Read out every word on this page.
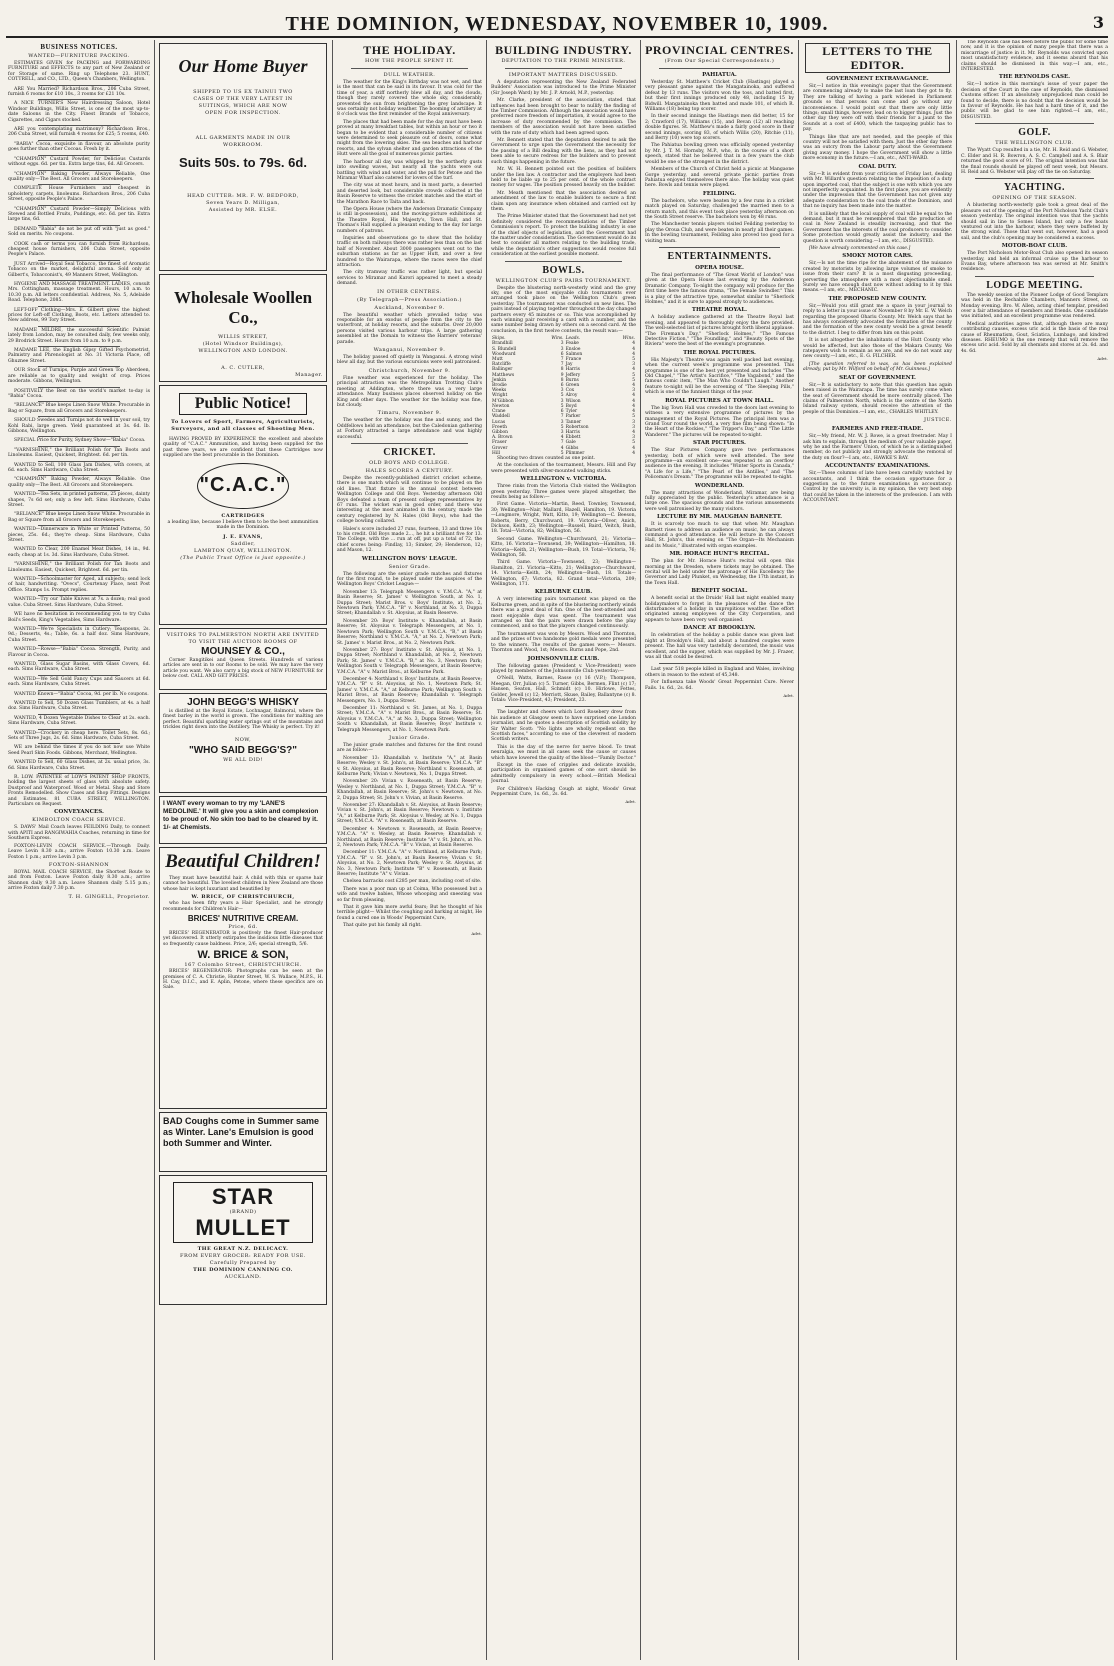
THE DOMINION, WEDNESDAY, NOVEMBER 10, 1909.	3
BUSINESS NOTICES.
WANTED—FURNITURE PACKING.

ESTIMATES GIVEN for PACKING and FORWARDING FURNITURE and EFFECTS to any part of New Zealand or for Storage of same. Ring up Telephone 23. HUNT, COTTRELL, and CO., LTD., Queen's Chambers, Wellington.

ARE You Married? Richardson Bros., 206 Cuba Street, furnish 6 rooms for £10 10s., 3 rooms for £21 10s.

A NICE TURNER'S New Hairdressing Saloon, Hotel Windsor Buildings, Willis Street, is one of the most up-to-date Saloons in the City. Finest Brands of Tobacco, Cigarettes, and Cigars stocked.

ARE you contemplating matrimony? Richardson Bros., 206 Cuba Street, will furnish 4 rooms for £25; 5 rooms, £40.

"BABIA" Cocoa, exquisite in flavour, an absolute purity goes further than other Cocoas. Fresh by it.

"CHAMPION" Custard Powder, for Delicious Custards without eggs. 6d. per tin. Extra large tins, 6d. All Grocers.

"CHAMPION" Baking Powder, Always Reliable, One quality only—The Best. All Grocers and Storekeepers.

COMPLETE House Furnishers and cheapest in upholstery, carpets, linoleums. Richardson Bros., 206 Cuba Street, opposite People's Palace.

"CHAMPION" Custard Powder—Simply Delicious with Stewed and Bottled Fruits, Puddings, etc. 6d. per tin. Extra large tins, 6d.

DEMAND "Babia" do not be put off with "just as good." Sold on merits. No coupons.

COOK cash or terms you can furnish from Richardson, cheapest house furnishers, 206 Cuba Street, opposite People's Palace.

JUST Arrived—Royal Seal Tobacco, the finest of Aromatic Tobacco on the market, delightful aroma. Sold only at Gilbert's, Tobacconist's, 49 Manners Street, Wellington.

HYGIENE AND MASSAGE TREATMENT. LADIES, consult Mrs. Cottingham, massage treatment. Hours, 10 a.m. to 10.30 p.m. All letters confidential. Address, No. 5, Adelaide Road. Telephone, 2085.

LEFT-OFF Clothing—Mrs. E. Gilbert gives the highest prices for Left-off Clothing, Boots, etc. Letters attended to. New address, 99 Tory Street.

MADAME MILDRE, the successful Scientific Palmist lately from London, may be consulted daily, few weeks only, 29 Brodrick Street. Hours from 10 a.m. to 9 p.m.

MADAME LEE, the English Gipsy Gifted Psychometrist, Palmistry and Phrenologist at No. 31 Victoria Place, off Ghuznee Street.

OUR Stock of Turnips, Purple and Green Top Aberdeen, are reliable as to quality and weight of crop. Prices moderate. Gibbons, Wellington.

POSITIVELY the Best on the world's market to-day is "Babia" Cocoa.

"RELIANCE" Blue keeps Linen Snow White. Procurable in Bag or Square, from all Grocers and Storekeepers.

SHOULD Swedes and Turnips not do well in your soil, try Kohl Rabi, large green. Yield guaranteed at 3s. 6d. lb. Gibbons, Wellington.

SPECIAL Price for Purity, Sydney Show—"Babia" Cocoa.

"VARNISHINE," the Brilliant Polish for Tan Boots and Linoleums. Easiest, Quickest, Brightest. 6d. per tin.

WANTED to Sell, 100 Glass Jam Dishes, with covers, at 6d. each. Sims Hardware, Cuba Street.

"CHAMPION" Baking Powder, Always Reliable. One quality only—The Best. All Grocers and Storekeepers.

WANTED—Tea Sets, in printed patterns, 25 pieces, dainty shapes, 7s 6d set; only a few left. Sims Hardware, Cuba Street.

"RELIANCE" Blue keeps Linen Snow White. Procurable in Bag or Square from all Grocers and Storekeepers.

WANTED—Dinnerware in White or Printed Patterns, 50 pieces, 25s. 6d.; they're cheap. Sims Hardware, Cuba Street.

WANTED to Clear, 200 Enamel Meat Dishes, 14 in., 9d. each; cheap at 1s. 3d. Sims Hardware, Cuba Street.

"VARNISHINE," the Brilliant Polish for Tan Boots and Linoleums. Easiest, Quickest, Brightest. 6d. per tin.

WANTED—Schoolmaster for Aged, all subjects; send lock of hair, handwriting. "Ovecs", Courtenay Place, next Post Office. Stamps 1s. Prompt replies.

WANTED—Try our Table Knives at 7s. a dozen; real good value. Cuba Street. Sims Hardware, Cuba Street.

WE have no hesitation in recommending you to try Cuba Boil's Seeds, King's Vegetables, Sims Hardware.

WANTED—We're Specialists in Cutlery; Teaspoons, 2s. 9d.; Desserts, 4s.; Table, 6s. a half doz. Sims Hardware, Cuba Street.

WANTED—Rowse—"Babia" Cocoa. Strength, Purity, and Flavour in Cocoa.

WANTED, Glass Sugar Basins, with Glass Covers, 6d. each. Sims Hardware, Cuba Street.

WANTED—We Sell Gold Fancy Cups and Saucers at 6d. each. Sims Hardware, Cuba Street.

WANTED Known—"Babia" Cocoa, 9d. per lb. No coupons.

WANTED to Sell, 50 Dozen Glass Tumblers, at 4s. a half doz. Sims Hardware, Cuba Street.

WANTED, 4 Dozen Vegetable Dishes to Clear at 2s. each. Sims Hardware, Cuba Street.

WANTED—Crockery in cheap here. Toilet Sets, 8s. 6d.; Sets of Three Jugs, 2s. 6d. Sims Hardware, Cuba Street.

WE are behind the times if you do not now use White Seed Pearl Skin Foods. Gibbons, Merchant, Wellington.

WANTED to Sell, 60 Glass Dishes, at 2s. usual price, 3s. 6d. Sims Hardware, Cuba Street.

R. LOW. PATENTEE of LOW'S PATENT SHOP FRONTS, holding the largest sheets of glass with absolute safety. Dustproof and Waterproof. Wood or Metal. Shop and Store Fronts Remodelled. Show Cases and Shop Fittings. Designs and Estimates. 81 CUBA STREET, WELLINGTON. Particulars on Request.

CONVEYANCES.
KIMBOLTON COACH SERVICE.

S. DAWS' Mail Coach leaves FEILDING Daily, to connect with APITI and RANGIWAHIA Coaches, returning in time for Southern Express.

FOXTON-LEVIN COACH SERVICE.—Through Daily. Leave Levin 8.30 a.m.; arrive Foxton 10.30 a.m. Leave Foxton 1 p.m.; arrive Levin 3 p.m.

FOXTON-SHANNON

ROYAL MAIL COACH SERVICE, the Shortest Route to and from Foxton. Leave Foxton daily 8.30 a.m.; arrive Shannon daily 9.30 a.m. Leave Shannon daily 5.15 p.m.; arrive Foxton daily 7.30 p.m.

T. H. GINGELL, Proprietor.
Our Home Buyer
SHIPPED TO US EX TAINUI TWO
CASES OF THE VERY LATEST IN
SUITINGS, WHICH ARE NOW
OPEN FOR INSPECTION.
ALL GARMENTS MADE IN OUR
WORKROOM.
Suits 50s. to 79s. 6d.
HEAD CUTTER: MR. F. W. BEDFORD,
Seven Years D. Milligan,
Assisted by MR. ELSE.
Wholesale Woollen Co.,
WILLIS STREET,
(Hotel Windsor Buildings),
WELLINGTON AND LONDON.
A. C. CUTLER,
Manager.
Public Notice!
To Lovers of Sport, Farmers, Agriculturists, Surveyors, and all classes of Shooting Men.

HAVING PROVED BY EXPERIENCE the excellent and absolute quality of "C.A.C." Ammunition, and having been supplied for the past three years, we are confident that these Cartridges now supplied are the best procurable in the Dominion.

"C.A.C."
CARTRIDGES

a leading line, because I believe them to be the best ammunition made in the Dominion.

J. E. EVANS,
Saddler,
LAMBTON QUAY, WELLINGTON.
(The Public Trust Office is just opposite.)
VISITORS TO PALMERSTON NORTH ARE INVITED TO VISIT THE AUCTION ROOMS OF
MOUNSEY & CO.,

Corner Rangitikei and Queen Streets. Hundreds of various articles are sent in to our Rooms to be sold. We may have the very article you want. We also carry a big stock of NEW FURNITURE for below cost. CALL AND GET PRICES.

JOHN BEGG'S WHISKY

is distilled at the Royal Estate, Lochnagar, Balmoral, where the finest barley in the world is grown. The conditions for malting are perfect. Beautiful sparkling water springs out of the mountains and trickles right down into the Distillery. The Whisky is perfect. Try it!

NOW,
"WHO SAID BEGG'S?"
WE ALL DID!
I WANT every woman to try my 'LANE'S MEDOLINE.' It will give you a skin and complexion to be proud of. No skin too bad to be cleared by it. 1/- at Chemists.
Beautiful Children!

They must have beautiful hair. A child with thin or sparse hair cannot be beautiful. The loveliest children in New Zealand are those whose hair is kept luxuriant and beautified by

W. BRICE, OF CHRISTCHURCH,

who has been fifty years a Hair Specialist, and he strongly recommends for Children's Hair—

BRICES' NUTRITIVE CREAM.
Price, 6d.

BRICES' REGENERATOR is positively the finest Hair-producer yet discovered. It utterly extirpates the insidious little diseases that so frequently cause baldness. Price, 2/6; special strength, 5/6.

W. BRICE & SON,
167 Colombo Street, CHRISTCHURCH.

BRICES' REGENERATOR: Photographs can be seen at the premises of C. A. Christie, Hunter Street, W. S. Wallace, M.P.S., H. H. Cay, D.I.C., and E. Aplin, Petone, where these specifics are on Sale.

BAD Coughs come in Summer same as Winter. Lane's Emulsion is good both Summer and Winter.
STAR
(BRAND)
MULLET
THE GREAT N.Z. DELICACY.
FROM EVERY GROCER: READY FOR USE.
Carefully Prepared by
THE DOMINION CANNING CO.
AUCKLAND.
THE HOLIDAY.
HOW THE PEOPLE SPENT IT.
DULL WEATHER.

The weather for the King's Birthday was not wet, and that is the most that can be said in its favour. It was cold for the time of year, a stiff northerly blew all day, and the clouds, though they rarely covered the whole sky, considerably prevented the sun from brightening the grey landscape. It was certainly not holiday weather. The booming of artillery at 8 o'clock was the first reminder of the Royal anniversary.

The places that had been made for the day must have been proved at many breakfast tables, but within an hour or two it began to be evident that a considerable number of citizens were determined to seek pleasure out of doors, come what might from the lowering skies. The sea beaches and harbour resorts, and the sylvan shelter and garden attractions of the Hutt were all the goal of numerous picnic parties.

The harbour all day was whipped by the northerly gusts into swelling waves, but nearly all the yachts were out battling with wind and water, and the pull for Petone and the Miramar Wharf also catered for lovers of the turf.

The city was at most hours, and in most parts, a deserted and deserted look, but considerable crowds collected at the Basin Reserve to witness the cricket matches and the start of the Marathon Race to Taita and back.

The Opera House (where the Anderson Dramatic Company is still in-possession), and the moving-picture exhibitions at the Theatre Royal, His Majesty's, Town Hall, and St. Thomas's Hall supplied a pleasant ending to the day for large numbers of patrons.

Inquiries and observations go to show that the holiday traffic on both railways there was rather less than on the last half of November. About 3000 passengers went out to the suburban stations as far as Upper Hutt, and over a few hundred to the Wairarapa, where the races were the chief attraction.

The city tramway traffic was rather light, but special services to Miramar and Karori appeared to meet a steady demand.

IN OTHER CENTRES.
(By Telegraph—Press Association.)
Auckland, November 9.

The beautiful weather which prevailed today was responsible for an exodus of people from the city to the waterfront, at holiday resorts, and the suburbs. Over 20,000 persons visited various harbour trips. A large gathering assembled at the Domain to witness the Harriers' veterans' parade.

Wanganui, November 9.

The holiday passed off quietly in Wanganui. A strong wind blew all day, but the various excursions were well patronised.

Christchurch, November 9.

Fine weather was experienced for the holiday. The principal attraction was the Metropolitan Trotting Club's meeting at Addington, where there was a very large attendance. Many business places observed holiday on the King and other days. The weather for the holiday was fine, but cloudy.

Timaru, November 9.

The weather for the holiday was fine and sunny, and the Oddfellows held an attendance, but the Caledonian gathering at Forbury attracted a large attendance and was highly successful.

CRICKET.
OLD BOYS AND COLLEGE.
HALES SCORES A CENTURY.

Despite the recently-published district cricket scheme, there is one match which will continue to be played on the old lines. That fixture is the annual contest between Wellington College and Old Boys. Yesterday afternoon Old Boys defeated a team of present college representatives by 67 runs. The wicket was in good order, and there was interesting at the most animated in the century, made the century registered by N. Hales (Old Boys), who had the college bowling collared.

Hales's score included 27 runs, fourteen, 13 and three 10s to his credit. Old Boys made 2..., he hit a brilliant five for 13. The College, with the ... run at off, put up a total of 72, the chief scores being: Findlay, 13; Simker, 29; Henderson, 12; and Mason, 12.

WELLINGTON BOYS' LEAGUE.
Senior Grade.

The following are the senior grade matches and fixtures for the first round, to be played under the auspices of the Wellington Boys' Cricket League:—

November 13: Telegraph Messengers v. Y.M.C.A. "A," at Basin Reserve; St. James' v. Wellington South, at No. 1, Duppa Street; Marist Bros. v. Boys' Institute, at No. 2, Newtown Park; Y.M.C.A. "B" v. Northland, at No. 3, Duppa Street; Khandallah v. St. Aloysius, at Basin Reserve.

November 20: Boys' Institute v. Khandallah, at Basin Reserve; St. Aloysius v. Telegraph Messengers, at No. 1, Newtown Park; Wellington South v. Y.M.C.A. "B," at Basin Reserve; Northland v. Y.M.C.A. "A," at No. 2, Newtown Park; St. James' v. Marist Bros., at No. 2, Newtown Park.

November 27: Boys' Institute v. St. Aloysius, at No. 1, Duppa Street; Northland v. Khandallah, at No. 2, Newtown Park; St. James' v. Y.M.C.A. "B," at No. 3, Newtown Park; Wellington South v. Telegraph Messengers, at Basin Reserve; Y.M.C.A. "A" v. Marist Bros., at Kelburne Park.

December 4: Northland v. Boys' Institute, at Basin Reserve; Y.M.C.A. "B" v. St. Aloysius, at No. 1, Newtown Park; St. James' v. Y.M.C.A. "A," at Kelburne Park; Wellington South v. Marist Bros., at Basin Reserve; Khandallah v. Telegraph Messengers, No. 1, Duppa Street.

December 11: Northland v. St. James, at No. 1, Duppa Street; Y.M.C.A. "A" v. Marist Bros., at Basin Reserve; St. Aloysius v. Y.M.C.A. "A," at No. 3, Duppa Street; Wellington South v. Khandallah, at Basin Reserve; Boys' Institute v. Telegraph Messengers, at No. 1, Newtown Park.

Junior Grade.

The junior grade matches and fixtures for the first round are as follow:—

November 13: Khandallah v. Institute "A," at Basin Reserve; Wesley v. St. John's, at Basin Reserve; Y.M.C.A. "B" v. St. Aloysius, at Basin Reserve; Northland v. Roseneath, at Kelburne Park; Vivian v. Newtown, No. 1, Duppa Street.

November 20: Vivian v. Roseneath, at Basin Reserve; Wesley v. Northland, at No. 1, Duppa Street; Y.M.C.A. "B" v. Khandallah, at Basin Reserve; St. John's v. Newtown, at No. 2, Duppa Street; St. John's v. Vivian, at Basin Reserve.

November 27: Khandallah v. St. Aloysius, at Basin Reserve; Vivian v. St. John's, at Basin Reserve; Newtown v. Institute "A," at Kelburne Park; St. Aloysius v. Wesley, at No. 1, Duppa Street; Y.M.C.A. "A" v. Roseneath, at Basin Reserve.

December 4: Newtown v. Roseneath, at Basin Reserve; Y.M.C.A. "A" v. Wesley, at Basin Reserve; Khandallah v. Northland, at Basin Reserve; Institute "A" v. St. John's, at No. 2, Newtown Park; Y.M.C.A. "B" v. Vivian, at Basin Reserve.

December 11: Y.M.C.A. "A" v. Northland, at Kelburne Park; Y.M.C.A. "B" v. St. John's, at Basin Reserve; Vivian v. St. Aloysius, at No. 2, Newtown Park; Wesley v. St. Aloysius, at No. 3, Newtown Park; Institute "B" v. Roseneath, at Basin Reserve; Institute "A" v. Vivian.

Chelsea barracks cost £285 per man, including cost of site.

There was a poor man up at Coima, Who possessed but a wife and twelve babies, Whose whooping and sneezing was so far from pleasing,

That it gave him more awful fears; But he thought of his terrible plight— Whilst the coughing and barking at night, He found a cured one in Woods' Peppermint Cure,

That quite put his family all right.

Advt.
BUILDING INDUSTRY.
DEPUTATION TO THE PRIME MINISTER.
IMPORTANT MATTERS DISCUSSED.

A deputation representing the New Zealand Federated Builders' Association was introduced to the Prime Minister (Sir Joseph Ward) by Mr. J. P. Arnold, M.P., yesterday.

Mr. Clarke, president of the association, stated that influences had been brought to bear to nullify the finding of the Timber Commission. Although the association would have preferred more freedom of importation, it would agree to the increase of duty recommended by the commission. The members of the association would not have been satisfied with the rate of duty which had been agreed upon.

Mr. Bennett stated that the deputation desired to ask the Government to urge upon the Government the necessity for the passing of a Bill dealing with the liens, as they had not been able to secure redress for the builders and to prevent such things happening in the future.

Mr. W. H. Bennett pointed out the position of builders under the lien law. A contractor and the employers had been held to be liable up to 25 per cent. of the whole contract money for wages. The position pressed heavily on the builder.

Mr. Meath mentioned that the association desired an amendment of the law to enable builders to secure a first claim upon any insurance when obtained and carried out by them.

The Prime Minister stated that the Government had not yet definitely considered the recommendations of the Timber Commission's report. To protect the building industry is one of the chief objects of legislation, and the Government had the matter under consideration. The Government would do its best to consider all matters relating to the building trade, while the deputation's other suggestions would receive full consideration at the earliest possible moment.

BOWLS.
WELLINGTON CLUB'S PAIRS TOURNAMENT.

Despite the blustering north-westerly wind and the grey sky, one of the most enjoyable club tournaments ever arranged took place on the Wellington Club's green yesterday. The tournament was conducted on new lines. The pairs instead of playing together throughout the day changed partners every 45 minutes or so. This was accomplished by each winning pair receiving a card with a number, and the same number being drawn by others on a second card. At the conclusion, in the first twelve contests, the result was:—

Skips.	Wins.	Leads.	Wins.
Brandhill	3	Feake	4
S. Blundell	3	Ensloe	4
Woodward	6	Salmon	4
Mutt	7	France	5
Ratcliffe	7	Jay	3
Ballinger	8	Harris	4
Matthews	9	Jeffery	5
Jenkin	8	Burns	5
Brodie	6	Green	4
Weeks	3	Cox	3
Wright	5	Alroy	4
M'Gibbon	3	Wilson	4
Newton	5	Boyd	4
Crane	6	Tyler	4
Waddell	7	Parker	5
Lucas	3	Tanner	3
Freeth	5	Robertson	3
Gibbon	3	Harris	4
A. Brown	4	Ebbett	3
Fraser	7	Gale	5
Grover	4	Gibbs	4
Hill	5	Plimmer	4

Shooting two draws counted as one point.

At the conclusion of the tournament, Messrs. Hill and Fay were presented with silver-mounted walking sticks.

WELLINGTON v. VICTORIA.

Three rinks from the Victoria Club visited the Wellington green yesterday. Three games were played altogether, the results being as follow:—

First Game. Victoria—Martin, Reed, Townley, Townsend, 30; Wellington—Nair, Mallard, Hazell, Hamilton, 19. Victoria—Longmore, Wright, Watt, Kitto, 19; Wellington—C. Beeson, Roberts, Berry, Churchward, 19. Victoria—Oliver, Anich, Dickson, Keith, 23; Wellington—Russell, Baird, Veitch, Bush, 18. Total—Victoria, 82; Wellington, 56.

Second Game. Wellington—Churchward, 21; Victoria—Kitto, 16. Victoria—Townsend, 39; Wellington—Hamilton, 18. Victoria—Keith, 21; Wellington—Bush, 19. Total—Victoria, 76; Wellington, 58.

Third Game. Victoria—Townsend, 23; Wellington—Hamilton, 21. Victoria—Kitto, 21; Wellington—Churchward, 14. Victoria—Keith, 24; Wellington—Bush, 18. Totals—Wellington, 67; Victoria, 82. Grand total—Victoria, 209; Wellington, 171.

KELBURNE CLUB.

A very interesting pairs tournament was played on the Kelburne green, and in spite of the blustering northerly winds there was a great deal of fun. One of the best-attended and most enjoyable days was spent. The tournament was arranged so that the pairs were drawn before the play commenced, and so that the players changed continuously.

The tournament was won by Messrs. Wood and Thornton, and the prizes of two handsome gold medals were presented to the winners. The results of the games were:— Messrs. Thornton and Wood, 1st; Messrs. Burns and Pope, 2nd.

JOHNSONVILLE CLUB.

The following games (President v. Vice-President) were played by members of the Johnsonville Club yesterday:—

O'Neill, Watts, Barnes, Rasse (c) 16 (V.P.); Thompson, Meegan, Orr, Julian (c) 5. Turner, Gibbs, Bermen, Flint (c) 17; Hansen, Seaton, Hall, Schmidt (c) 10. Hirlowe, Fettes, Golder, Jewell (c) 12; Merriott, Skuse, Bailey, Ballantyne (c) 8. Totals: Vice-President, 43; President, 23.

The laughter and cheers which Lord Rosebery drew from his audience at Glasgow seem to have surprised one London journalist, and he quotes a description of Scottish solidity by Sir Walter Scott: "No lights are wholly repellent on the Scottish faces," according to one of the cleverest of modern Scottish writers.

This is the day of the nerve for nerve blood. To treat neuralgia, we must in all cases seek the cause or causes which have lowered the quality of the blood—"Family Doctor."

Except in the case of cripples and delicate invalids, participation in organised games of one sort should be admittedly compulsory in every school.—British Medical Journal.

For Children's Hacking Cough at night, Woods' Great Peppermint Cure, 1s. 6d., 2s. 6d.

Advt.
PROVINCIAL CENTRES.
(From Our Special Correspondents.)
PAHIATUA.

Yesterday St. Matthew's Cricket Club (Hastings) played a very pleasant game against the Mangatainoka, and suffered defeat by 13 runs. The visitors won the toss, and batted first, but their first innings produced only 48, including 15 by Bidwill. Mangatainoka then batted and made 101, of which R. Williams (18) being top scorer.

In their second innings the Hastings men did better, 15 for 2; Crawford (17), Williams (15), and Bevan (12) all reaching double figures. St. Matthew's made a fairly good score in their second innings, scoring 83, of which Willis (20), Ritchie (11), and Berry (10) were top scorers.

The Pahiatua bowling green was officially opened yesterday by Mr. J. T. M. Hornsby, M.P., who, in the course of a short speech, stated that he believed that in a few years the club would be one of the strongest in the district.

Members of the Church of Christ held a picnic at Mangaone Gorge yesterday, and several private picnic parties from Pahiatua enjoyed themselves there also. The holiday was quiet here. Bowls and tennis were played.

FEILDING.

The bachelors, who were beaten by a few runs in a cricket match played on Saturday, challenged the married men to a return match, and this event took place yesterday afternoon on the South Street reserve. The bachelors won by 48 runs.

The Manchester tennis players visited Feilding yesterday to play the Oroua Club, and were beaten in nearly all their games. In the bowling tournament, Feilding also proved too good for a visiting team.

ENTERTAINMENTS.
OPERA HOUSE.

The final performance of "The Great World of London" was given at the Opera House last evening by the Anderson Dramatic Company. To-night the company will produce for the first time here the famous drama, "The Female Swindler." This is a play of the attractive type, somewhat similar to "Sherlock Holmes," and it is sure to appeal strongly to audiences.

THEATRE ROYAL.

A holiday audience gathered at the Theatre Royal last evening, and appeared to thoroughly enjoy the fare provided. The well-selected list of pictures brought forth liberal applause. "The Fireman's Day," "Sherlock Holmes," "The Famous Detective Fiction," "The Foundling," and "Beauty Spots of the Riviera" were the best of the evening's programme.

THE ROYAL PICTURES.

His Majesty's Theatre was again well packed last evening, when the current week's programme was presented. This programme is one of the best yet presented and includes "The Old Chapel," "The Artist's Sacrifice," "The Vagabond," and the famous comic item, "The Man Who Couldn't Laugh." Another feature to-night will be the screening of "The Sleeping Pills," which is one of the funniest things of the year.

ROYAL PICTURES AT TOWN HALL.

The big Town Hall was crowded to the doors last evening to witness a very extensive programme of pictures by the management of the Royal Pictures. The principal item was a Grand Tour round the world, a very fine film being shown: "In the Heart of the Rockies," "The Tripper's Day," and "The Little Wanderer." The pictures will be repeated to-night.

STAR PICTURES.

The Star Pictures Company gave two performances yesterday, both of which were well attended. The new programme—an excellent one—was repeated to an overflow audience in the evening. It includes "Winter Sports in Canada," "A Life for a Life," "The Pearl of the Antilles," and "The Policeman's Dream." The programme will be repeated to-night.

WONDERLAND.

The many attractions of Wonderland, Miramar, are being fully appreciated by the public. Yesterday's attendance is a large one. The spacious grounds and the various amusements were well patronised by the many visitors.

LECTURE BY MR. MAUGHAN BARNETT.

It is scarcely too much to say that when Mr. Maughan Barnett rises to address an audience on music, he can always command a good attendance. He will lecture in the Concert Hall, St. John's, this evening on "The Organ—Its Mechanism and its Music," illustrated with organ examples.

MR. HORACE HUNT'S RECITAL.

The plan for Mr. Horace Hunt's recital will open this morning at the Dresden, where tickets may be obtained. The recital will be held under the patronage of His Excellency the Governor and Lady Plunket, on Wednesday, the 17th instant, in the Town Hall.

BENEFIT SOCIAL.

A benefit social at the Druids' Hall last night enabled many holidaymakers to forget in the pleasures of the dance the disturbances of a holiday in unpropitious weather. The effort originated among employees of the City Corporation, and appears to have been very well organised.

DANCE AT BROOKLYN.

In celebration of the holiday a public dance was given last night at Brooklyn's Hall, and about a hundred couples were present. The hall was very tastefully decorated, the music was excellent, and the supper, which was supplied by Mr. J. Frazer, was all that could be desired.

Last year 518 people killed in England and Wales, involving others in reason to the extent of 45,348.

For Influenza take Woods' Great Peppermint Cure. Never Fails. 1s. 6d., 2s. 6d.

Advt.
LETTERS TO THE EDITOR.
GOVERNMENT EXTRAVAGANCE.

Sir,—I notice in this evening's paper that the Government are commencing already to make the last loan they got to fly. They are talking of having a park widened in Parliament grounds so that persons can come and go without any inconvenience. I would point out that there are only little things; small things, however, lead on to bigger things. Just the other day they were off with their friends for a jaunt to the Sounds at a cost of £400, which the taxpaying public has to pay.

Things like that are not needed, and the people of this country will not be satisfied with them. Just the other day there was an outcry from the Labour party about the Government giving away money. I hope the Government will show a little more economy in the future.—I am, etc., ANTI-WARD.

COAL DUTY.

Sir,—It is evident from your criticism of Friday last, dealing with Mr. Willard's question relating to the imposition of a duty upon imported coal, that the subject is one with which you are not imperfectly acquainted. In the first place, you are evidently under the impression that the Government has not given any adequate consideration to the coal trade of the Dominion, and that no inquiry has been made into the matter.

It is unlikely that the local supply of coal will be equal to the demand, but it must be remembered that the production of coal in New Zealand is steadily increasing, and that the Government has the interests of the coal producers to consider. Some protection would greatly assist the industry, and the question is worth considering.—I am, etc., DISGUSTED.

[We have already commented on this case.]

SMOKY MOTOR CARS.

Sir,—Is not the time ripe for the abatement of the nuisance created by motorists by allowing large volumes of smoke to issue from their cars? It is a most disgusting proceeding, perverting the atmosphere with a most objectionable smell. Surely we have enough dust now without adding to it by this means.—I am, etc., MECHANIC.

THE PROPOSED NEW COUNTY.

Sir,—Would you still grant me a space in your journal to reply to a letter in your issue of November 8 by Mr. E. W. Welch regarding the proposed Ohariu County. Mr. Welch says that he has always consistently advocated the formation of the county and the formation of the new county would be a great benefit to the district. I beg to differ from him on this point.

It is not altogether the inhabitants of the Hutt County who would be affected, but also those of the Makara County. We ratepayers wish to remain as we are, and we do not want any new county.—I am, etc., E. G. FILCHER.

[The question referred to was, as has been explained already, put by Mr. Wilford on behalf of Mr. Guinness.]

SEAT OF GOVERNMENT.

Sir,—It is satisfactory to note that this question has again been raised in the Wairarapa. The time has surely come when the seat of Government should be more centrally placed. The claims of Palmerston North, which is the centre of the North Island railway system, should receive the attention of the people of this Dominion.—I am, etc., CHARLES WHITLEY.

JUSTICE.
FARMERS AND FREE-TRADE.

Sir,—My friend, Mr. W. J. Rowe, is a great freetrader. May I ask him to explain, through the medium of your valuable paper, why he and the Farmers' Union, of which he is a distinguished member, do not publicly and strongly advocate the removal of the duty on flour?—I am, etc., HAWKE'S BAY.

ACCOUNTANTS' EXAMINATIONS.

Sir,—These columns of late have been carefully watched by accountants, and I think the occasion opportune for a suggestion as to the future examinations in accountancy. Control by the university is, in my opinion, the very best step that could be taken in the interests of the profession. I am with ACCOUNTANT.

The Reynolds case has been before the public for some time now, and it is the opinion of many people that there was a miscarriage of justice in it. Mr. Reynolds was convicted upon most unsatisfactory evidence, and it seems absurd that his claims should be dismissed in this way.—I am, etc., INTERESTED.

THE REYNOLDS CASE.

Sir,—I notice in this morning's issue of your paper the decision of the Court in the case of Reynolds, the dismissed Customs officer. If an absolutely unprejudiced man could be found to decide, there is no doubt that the decision would be in favour of Reynolds. He has had a hard time of it, and the public will be glad to see him righted.—I am, etc., DISGUSTED.

GOLF.
THE WELLINGTON CLUB.

The Wyatt Cup resulted in a tie, Mr. H. Reid and G. Webster, C. Elder and H. R. Bowron, A. S. C. Campbell and A. S. Blair returned the good score of 91. The original intention was that the final rounds should be played off next week, but Messrs. H. Reid and G. Webster will play off the tie on Saturday.

YACHTING.
OPENING OF THE SEASON.

A blustering north-westerly gale took a great deal of the pleasure out of the opening of the Port Nicholson Yacht Club's season yesterday. The original intention was that the yachts should sail in line to Somes Island, but only a few boats ventured out into the harbour, where they were buffeted by the strong wind. Those that went out, however, had a good sail, and the club's opening may be considered a success.

MOTOR-BOAT CLUB.

The Port Nicholson Motor-Boat Club also opened its season yesterday, and held an informal cruise up the harbour to Evans Bay, where afternoon tea was served at Mr. Smith's residence.

LODGE MEETING.

The weekly session of the Pioneer Lodge of Good Templars was held in the Rechabite Chambers, Manners Street, on Monday evening. Bro. W. Allen, acting chief templar, presided over a fair attendance of members and friends. One candidate was initiated, and an excellent programme was rendered.

Medical authorities agree that, although there are many contributing causes, excess uric acid is the basis of the real cause of Rheumatism, Gout, Sciatica, Lumbago, and kindred diseases. RHEUMO is the one remedy that will remove the excess uric acid. Sold by all chemists and stores at 2s. 6d. and 4s. 6d.

Advt.
